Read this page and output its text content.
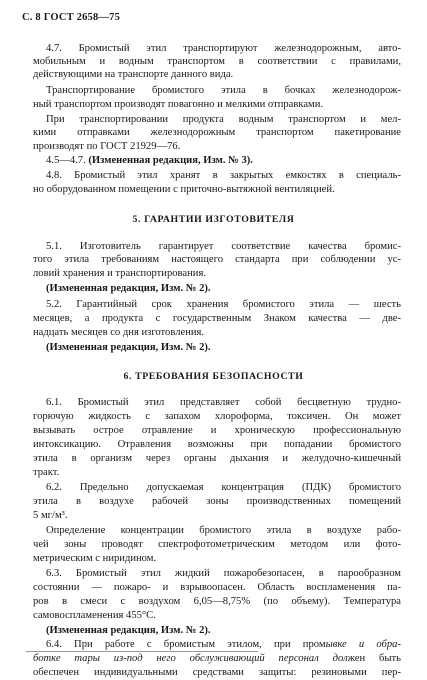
С. 8 ГОСТ 2658—75
4.7. Бромистый этил транспортируют железнодорожным, авто-
мобильным и водным транспортом в соответствии с правилами,
действующими на транспорте данного вида.
Транспортирование бромистого этила в бочках железнодорож-
ный транспортом производят повагонно и мелкими отправками.
При транспортировании продукта водным транспортом и мел-
кими отправками железнодорожным транспортом пакетирование
производят по ГОСТ 21929—76.
4.5—4.7. (Измененная редакция, Изм. № 3).
4.8. Бромистый этил хранят в закрытых емкостях в специаль-
но оборудованном помещении с приточно-вытяжной вентиляцией.
5. ГАРАНТИИ ИЗГОТОВИТЕЛЯ
5.1. Изготовитель гарантирует соответствие качества бромис-
того этила требованиям настоящего стандарта при соблюдении ус-
ловий хранения и транспортирования.
(Измененная редакция, Изм. № 2).
5.2. Гарантийный срок хранения бромистого этила — шесть
месяцев, а продукта с государственным Знаком качества — две-
надцать месяцев со дня изготовления.
(Измененная редакция, Изм. № 2).
6. ТРЕБОВАНИЯ БЕЗОПАСНОСТИ
6.1. Бромистый этил представляет собой бесцветную трудно-
горючую жидкость с запахом хлороформа, токсичен. Он может
вызывать острое отравление и хроническую профессиональную
интоксикацию. Отравления возможны при попадании бромистого
этила в организм через органы дыхания и желудочно-кишечный
тракт.
6.2. Предельно допускаемая концентрация (ПДК) бромистого
этила в воздухе рабочей зоны производственных помещений
5 мг/м³.
Определение концентрации бромистого этила в воздухе рабо-
чей зоны проводят спектрофотометрическим методом или фото-
метрическим с ниридином.
6.3. Бромистый этил жидкий пожаробезопасен, в парообразном
состоянии — пожаро- и взрывоопасен. Область воспламенения па-
ров в смеси с воздухом 6,05—8,75% (по объему). Температура
самовоспламенения 455°С.
(Измененная редакция, Изм. № 2).
6.4. При работе с бромистым этилом, при промывке и обра-
ботке тары из-под него обслуживающий персонал должен быть
обеспечен индивидуальными средствами защиты: резиновыми пер-
